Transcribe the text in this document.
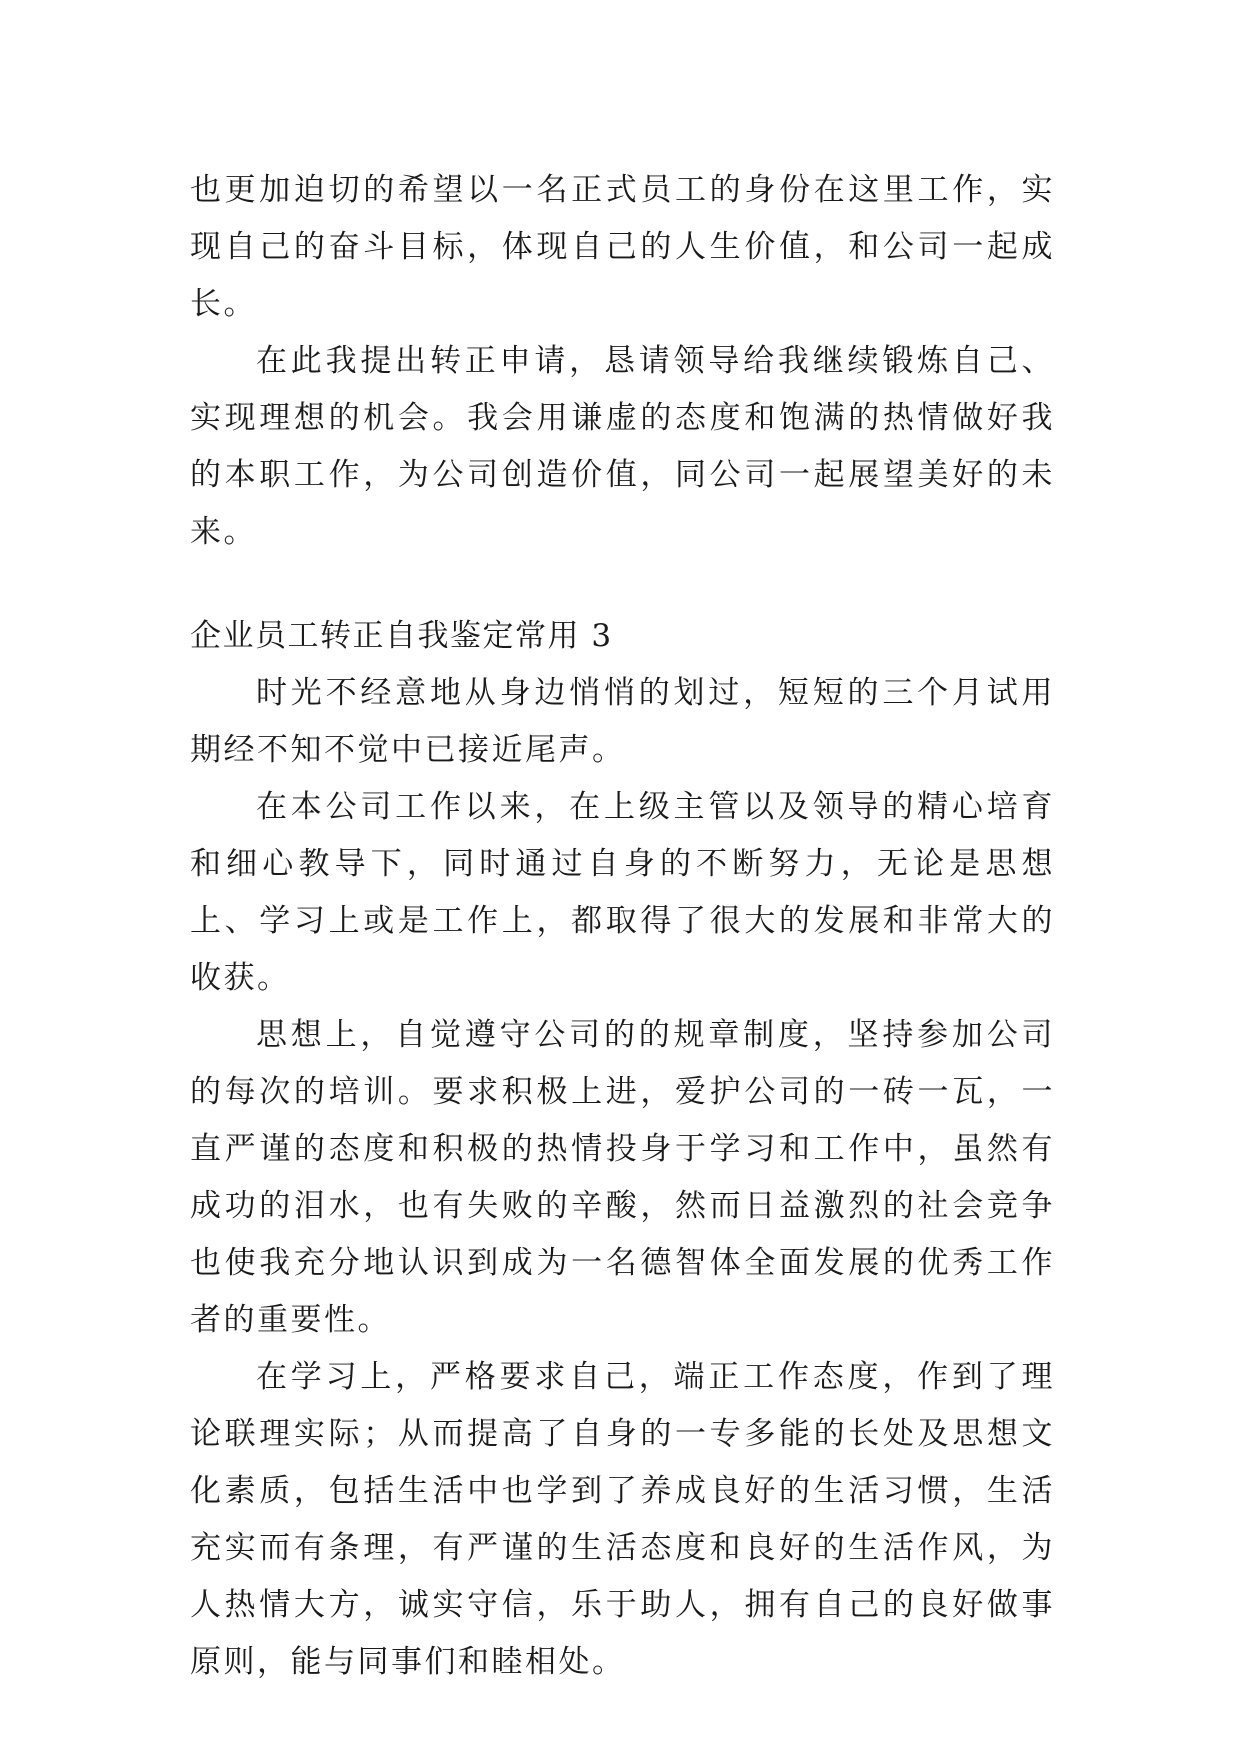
也更加迫切的希望以一名正式员工的身份在这里工作，实现自己的奋斗目标，体现自己的人生价值，和公司一起成长。

在此我提出转正申请，恳请领导给我继续锻炼自己、实现理想的机会。我会用谦虚的态度和饱满的热情做好我的本职工作，为公司创造价值，同公司一起展望美好的未来。

企业员工转正自我鉴定常用 3

时光不经意地从身边悄悄的划过，短短的三个月试用期经不知不觉中已接近尾声。

在本公司工作以来，在上级主管以及领导的精心培育和细心教导下，同时通过自身的不断努力，无论是思想上、学习上或是工作上，都取得了很大的发展和非常大的收获。

思想上，自觉遵守公司的的规章制度，坚持参加公司的每次的培训。要求积极上进，爱护公司的一砖一瓦，一直严谨的态度和积极的热情投身于学习和工作中，虽然有成功的泪水，也有失败的辛酸，然而日益激烈的社会竞争也使我充分地认识到成为一名德智体全面发展的优秀工作者的重要性。

在学习上，严格要求自己，端正工作态度，作到了理论联理实际；从而提高了自身的一专多能的长处及思想文化素质，包括生活中也学到了养成良好的生活习惯，生活充实而有条理，有严谨的生活态度和良好的生活作风，为人热情大方，诚实守信，乐于助人，拥有自己的良好做事原则，能与同事们和睦相处。
